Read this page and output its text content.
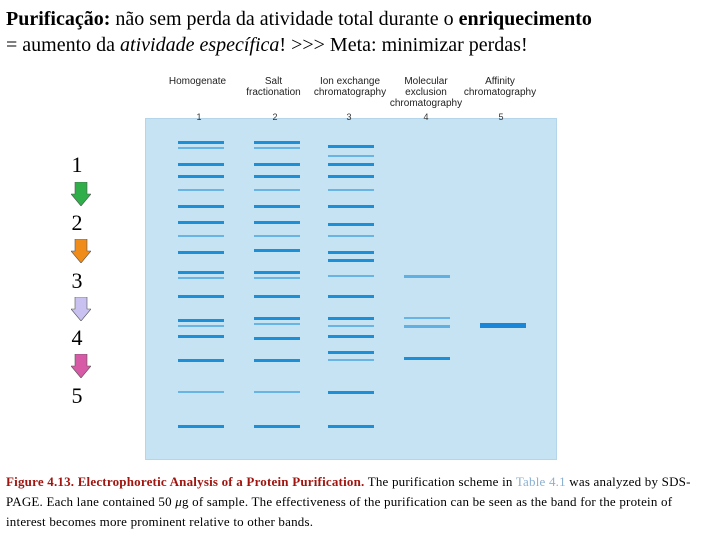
Purificação: não sem perda da atividade total durante o enriquecimento
= aumento da atividade específica! >>> Meta: minimizar perdas!
Homogenate	Salt
fractionation
Ion exchange
chromatography
Molecular
exclusion
chromatography
Affinity
chromatography
1	2	3	4	5
1
2
3
4
5
Figure 4.13. Electrophoretic Analysis of a Protein Purification. The purification scheme in Table 4.1 was analyzed by SDS-PAGE. Each lane contained 50 μg of sample. The effectiveness of the purification can be seen as the band for the protein of interest becomes more prominent relative to other bands.
